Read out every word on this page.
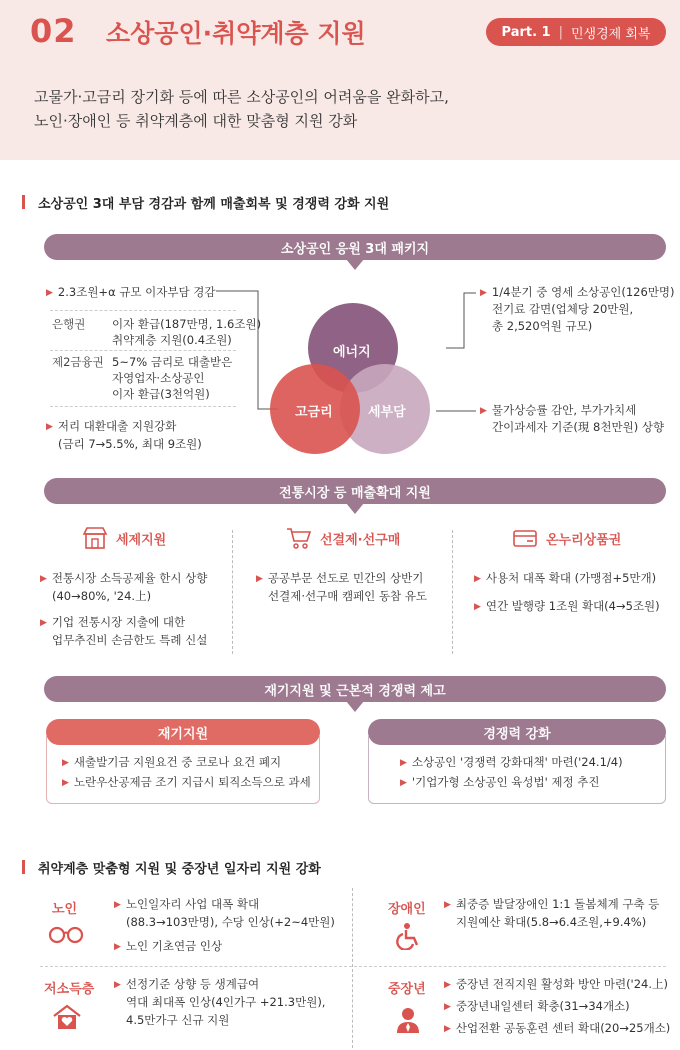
02 소상공인·취약계층 지원	Part. 1 | 민생경제 회복
고물가·고금리 장기화 등에 따른 소상공인의 어려움을 완화하고,
노인·장애인 등 취약계층에 대한 맞춤형 지원 강화
소상공인 3대 부담 경감과 함께 매출회복 및 경쟁력 강화 지원
소상공인 응원 3대 패키지
▶ 2.3조원+α 규모 이자부담 경감
은행권 이자 환급(187만명, 1.6조원)
취약계층 지원(0.4조원)
제2금융권 5~7% 금리로 대출받은
자영업자·소상공인
이자 환급(3천억원)
▶ 저리 대환대출 지원강화
(금리 7→5.5%, 최대 9조원)
에너지
고금리	세부담
▶ 1/4분기 중 영세 소상공인(126만명)
전기료 감면(업체당 20만원,
총 2,520억원 규모)
▶ 물가상승률 감안, 부가가치세
간이과세자 기준(現 8천만원) 상향
전통시장 등 매출확대 지원
세제지원
▶ 전통시장 소득공제율 한시 상향
(40→80%, '24.上)
▶ 기업 전통시장 지출에 대한
업무추진비 손금한도 특례 신설
선결제·선구매
▶ 공공부문 선도로 민간의 상반기
선결제·선구매 캠페인 동참 유도
온누리상품권
▶ 사용처 대폭 확대 (가맹점+5만개)
▶ 연간 발행량 1조원 확대(4→5조원)
재기지원 및 근본적 경쟁력 제고
재기지원
▶ 새출발기금 지원요건 중 코로나 요건 폐지
▶ 노란우산공제금 조기 지급시 퇴직소득으로 과세
경쟁력 강화
▶ 소상공인 '경쟁력 강화대책' 마련('24.1/4)
▶ '기업가형 소상공인 육성법' 제정 추진
취약계층 맞춤형 지원 및 중장년 일자리 지원 강화
노인	▶ 노인일자리 사업 대폭 확대
(88.3→103만명), 수당 인상(+2~4만원)
▶ 노인 기초연금 인상
장애인 ▶ 최중증 발달장애인 1:1 돌봄체계 구축 등
지원예산 확대(5.8→6.4조원,+9.4%)
저소득층 ▶ 선정기준 상향 등 생계급여
역대 최대폭 인상(4인가구 +21.3만원),
4.5만가구 신규 지원
중장년 ▶ 중장년 전직지원 활성화 방안 마련('24.上)
▶ 중장년내일센터 확충(31→34개소)
▶ 산업전환 공동훈련 센터 확대(20→25개소)
